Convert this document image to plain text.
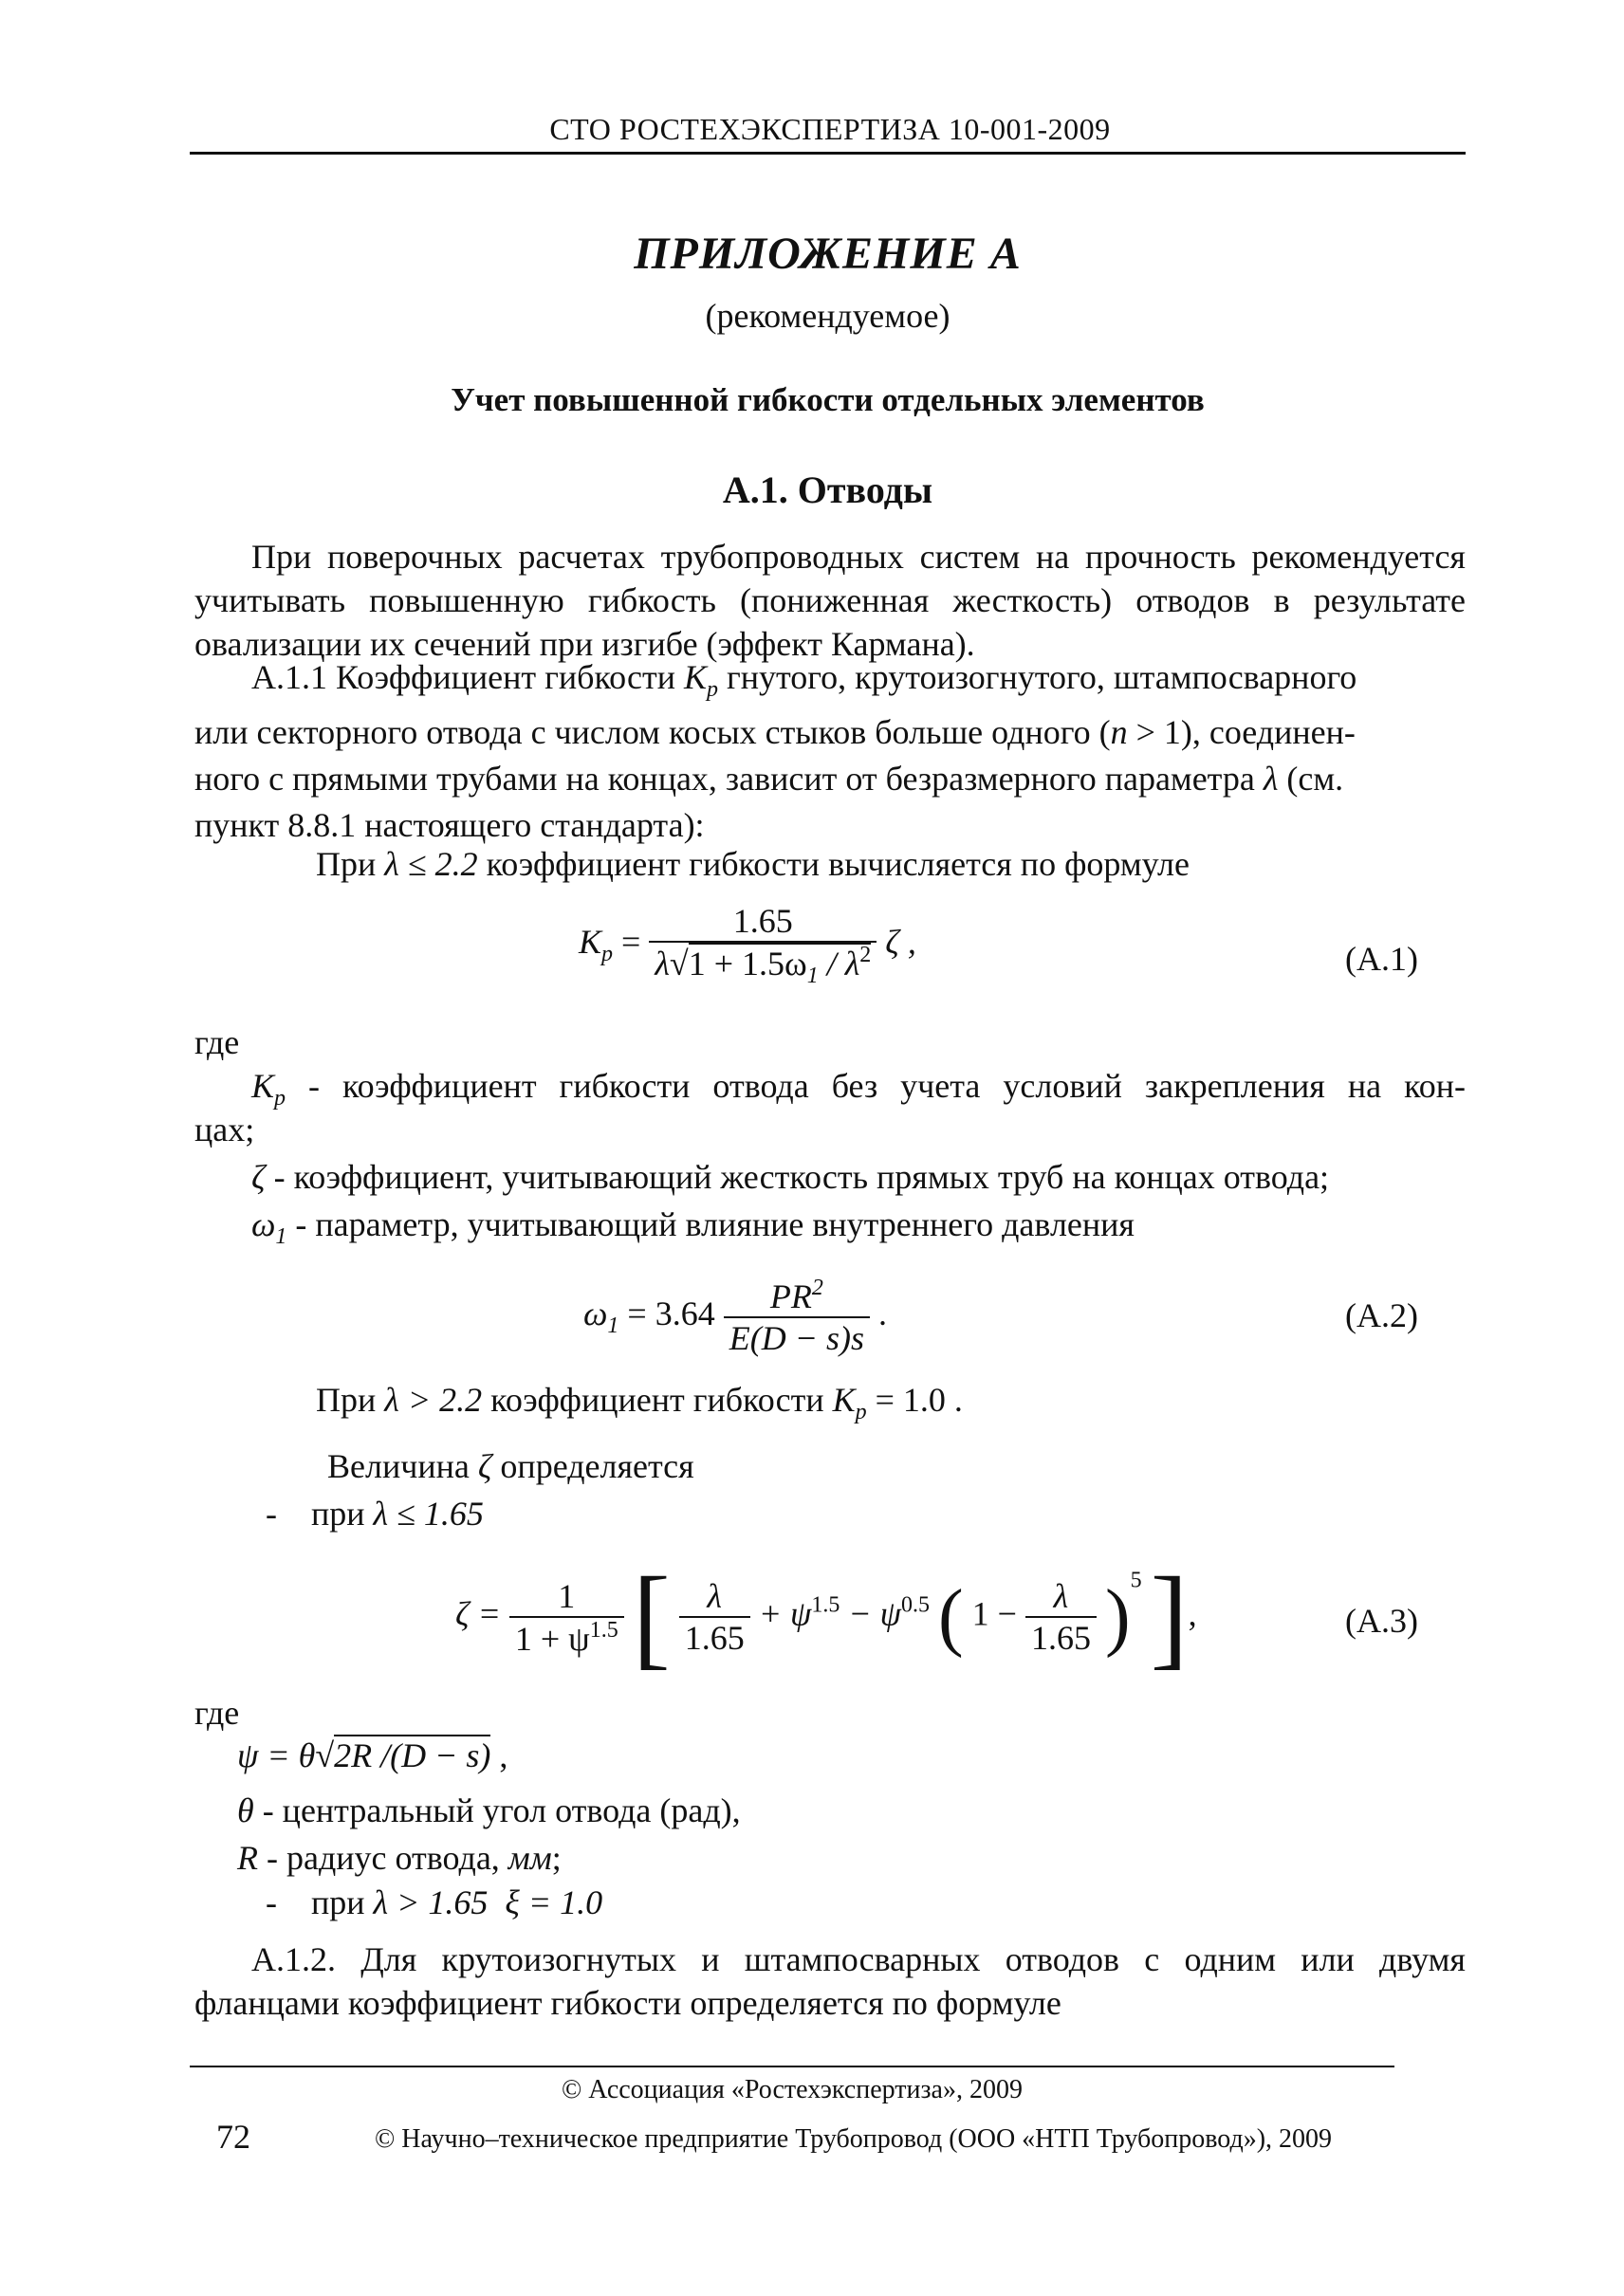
СТО РОСТЕХЭКСПЕРТИЗА 10-001-2009
ПРИЛОЖЕНИЕ А
(рекомендуемое)
Учет повышенной гибкости отдельных элементов
А.1. Отводы
При поверочных расчетах трубопроводных систем на прочность рекомендуется учитывать повышенную гибкость (пониженная жесткость) отводов в результате овализации их сечений при изгибе (эффект Кармана).
А.1.1 Коэффициент гибкости $K_p$ гнутого, крутоизогнутого, штампосварного
или секторного отвода с числом косых стыков больше одного (n > 1), соединен-
ного с прямыми трубами на концах, зависит от безразмерного параметра λ (см.
пункт 8.8.1 настоящего стандарта):
При λ ≤ 2.2 коэффициент гибкости вычисляется по формуле
$K_p = \frac{1.65}{\lambda√1 + 1.5\omega_1 / \lambda^2}$ ζ ,	(А.1)
где
$K_p$ - коэффициент гибкости отвода без учета условий закрепления на кон-
цах;
ζ - коэффициент, учитывающий жесткость прямых труб на концах отвода;
$\omega_1$ - параметр, учитывающий влияние внутреннего давления
$\omega_1 = 3.64 \frac{PR^2}{E(D - s)s}$ .	(А.2)
При λ > 2.2 коэффициент гибкости $K_p = 1.0$ .
Величина ζ определяется
- при λ ≤ 1.65
$\zeta = \frac{1}{1 + \psi^{1.5}}$ [ $\frac{\lambda}{1.65} + \psi^{1.5} - \psi^{0.5}$ ( $1 - \frac{\lambda}{1.65} )^5$ ],	(А.3)
где
ψ = θ√2R /(D − s) ,
θ - центральный угол отвода (рад),
R - радиус отвода, мм;
- при λ > 1.65 ξ = 1.0
А.1.2. Для крутоизогнутых и штампосварных отводов с одним или двумя фланцами коэффициент гибкости определяется по формуле
© Ассоциация «Ростехэкспертиза», 2009
72	© Научно–техническое предприятие Трубопровод (ООО «НТП Трубопровод»), 2009
